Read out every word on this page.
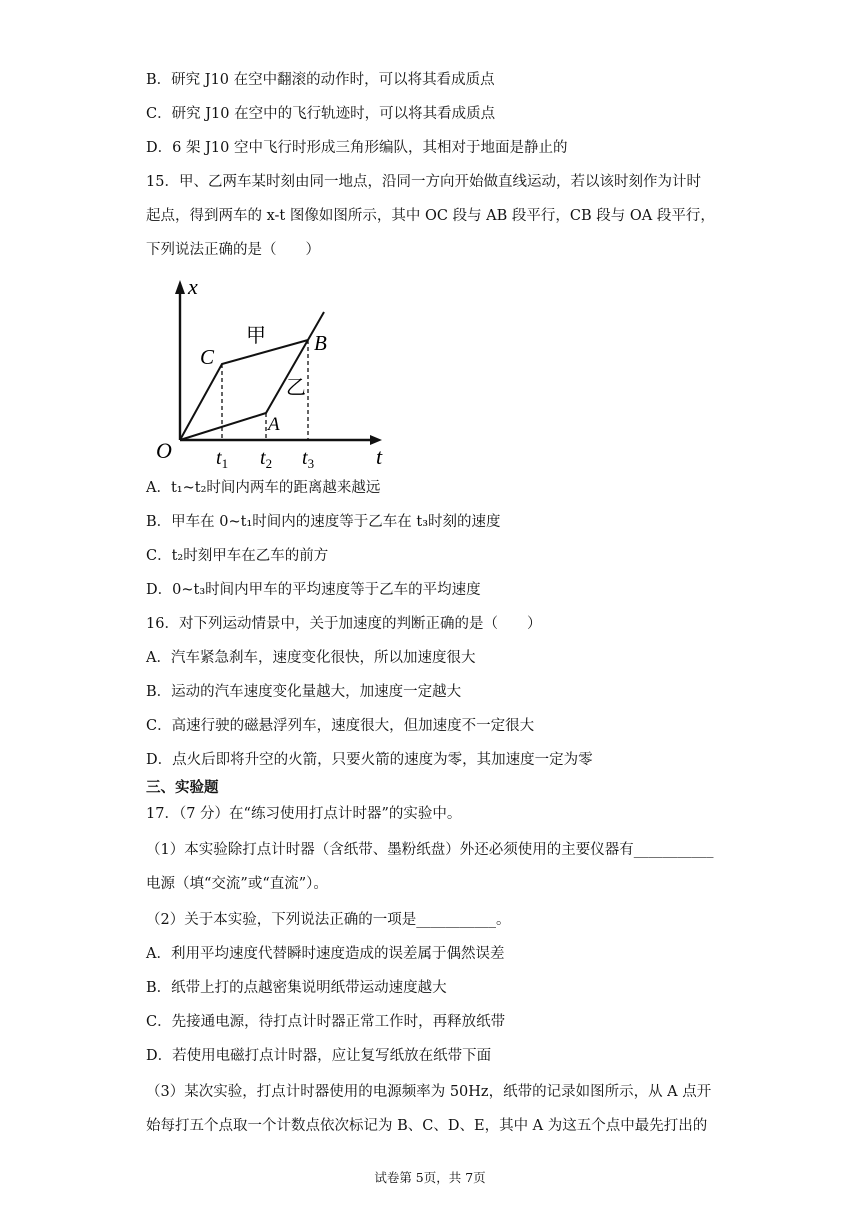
B．研究 J10 在空中翻滚的动作时，可以将其看成质点
C．研究 J10 在空中的飞行轨迹时，可以将其看成质点
D．6 架 J10 空中飞行时形成三角形编队，其相对于地面是静止的
15．甲、乙两车某时刻由同一地点，沿同一方向开始做直线运动，若以该时刻作为计时
起点，得到两车的 x-t 图像如图所示，其中 OC 段与 AB 段平行，CB 段与 OA 段平行，
下列说法正确的是（　　）
x
t
O
C
B
A
甲
乙
$t_1$ $t_2$ $t_3$
A．t₁~t₂时间内两车的距离越来越远
B．甲车在 0~t₁时间内的速度等于乙车在 t₃时刻的速度
C．t₂时刻甲车在乙车的前方
D．0~t₃时间内甲车的平均速度等于乙车的平均速度
16．对下列运动情景中，关于加速度的判断正确的是（　　）
A．汽车紧急刹车，速度变化很快，所以加速度很大
B．运动的汽车速度变化量越大，加速度一定越大
C．高速行驶的磁悬浮列车，速度很大，但加速度不一定很大
D．点火后即将升空的火箭，只要火箭的速度为零，其加速度一定为零
三、实验题
17．（7 分）在“练习使用打点计时器”的实验中。
（1）本实验除打点计时器（含纸带、墨粉纸盘）外还必须使用的主要仪器有___________
电源（填“交流”或“直流”）。
（2）关于本实验，下列说法正确的一项是___________。
A．利用平均速度代替瞬时速度造成的误差属于偶然误差
B．纸带上打的点越密集说明纸带运动速度越大
C．先接通电源，待打点计时器正常工作时，再释放纸带
D．若使用电磁打点计时器，应让复写纸放在纸带下面
（3）某次实验，打点计时器使用的电源频率为 50Hz，纸带的记录如图所示，从 A 点开
始每打五个点取一个计数点依次标记为 B、C、D、E，其中 A 为这五个点中最先打出的
试卷第 5页，共 7页
